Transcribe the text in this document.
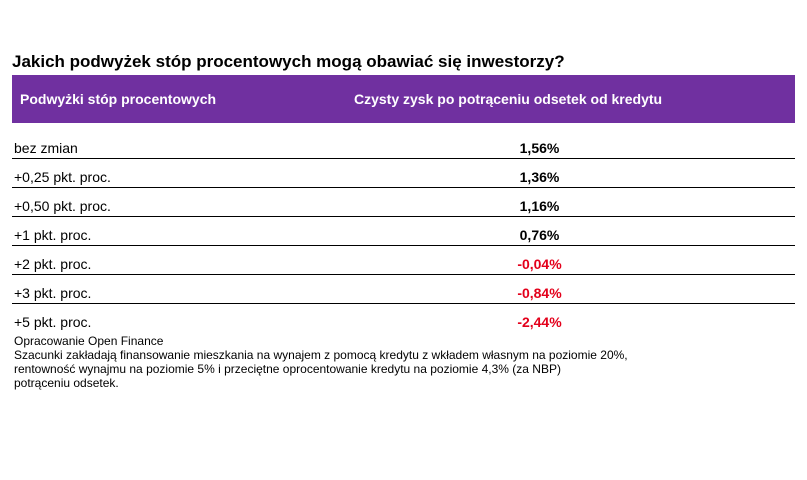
Jakich podwyżek stóp procentowych mogą obawiać się inwestorzy?
Podwyżki stóp procentowych	Czysty zysk po potrąceniu odsetek od kredytu
bez zmian	1,56%
+0,25 pkt. proc.	1,36%
+0,50 pkt. proc.	1,16%
+1 pkt. proc.	0,76%
+2 pkt. proc.	-0,04%
+3 pkt. proc.	-0,84%
+5 pkt. proc.	-2,44%
Opracowanie Open Finance
Szacunki zakładają finansowanie mieszkania na wynajem z pomocą kredytu z wkładem własnym na poziomie 20%,
rentowność wynajmu na poziomie 5% i przeciętne oprocentowanie kredytu na poziomie 4,3% (za NBP)
potrąceniu odsetek.
